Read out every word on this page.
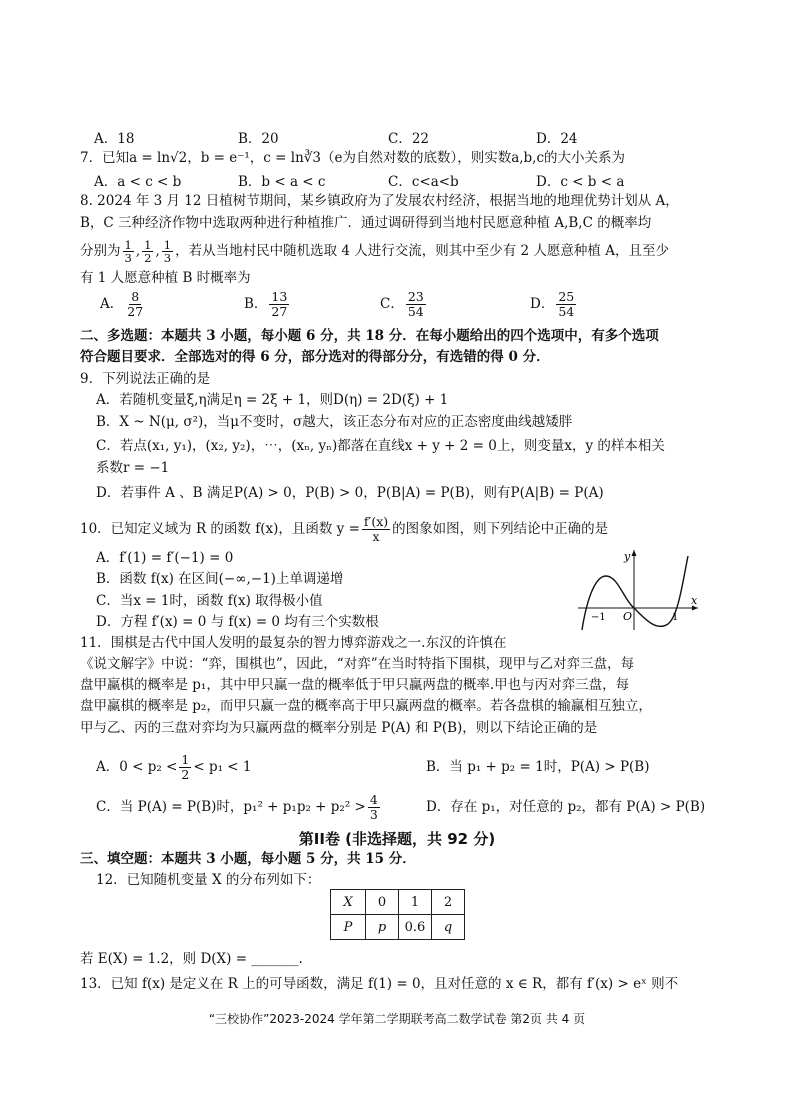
A．18	B．20	C．22	D．24
7．已知a = ln√2，b = e⁻¹，c = ln∛3（e为自然对数的底数），则实数a,b,c的大小关系为
A．a < c < b	B．b < a < c	C．c<a<b	D．c < b < a
8. 2024 年 3 月 12 日植树节期间，某乡镇政府为了发展农村经济，根据当地的地理优势计划从 A，
B，C 三种经济作物中选取两种进行种植推广．通过调研得到当地村民愿意种植 A,B,C 的概率均
分别为 $\frac{1}{3}$ , $\frac{1}{2}$ , $\frac{1}{3}$ ，若从当地村民中随机选取 4 人进行交流，则其中至少有 2 人愿意种植 A，且至少
有 1 人愿意种植 B 时概率为
A． $\frac{8}{27}$	B． $\frac{13}{27}$	C． $\frac{23}{54}$	D． $\frac{25}{54}$
二、多选题：本题共 3 小题，每小题 6 分，共 18 分．在每小题给出的四个选项中，有多个选项
符合题目要求．全部选对的得 6 分，部分选对的得部分分，有选错的得 0 分．
9．下列说法正确的是
A．若随机变量ξ,η满足η = 2ξ + 1，则D(η) = 2D(ξ) + 1
B．X ~ N(μ, σ²)，当μ不变时，σ越大，该正态分布对应的正态密度曲线越矮胖
C．若点(x₁, y₁)，(x₂, y₂)，⋯，(xₙ, yₙ)都落在直线x + y + 2 = 0上，则变量x，y 的样本相关
系数r = −1
D．若事件 A 、B 满足P(A) > 0，P(B) > 0，P(B|A) = P(B)，则有P(A|B) = P(A)
10．已知定义域为 R 的函数 f(x)，且函数 $y = \frac{f'(x)}{x}$ 的图象如图，则下列结论中正确的是
A．f′(1) = f′(−1) = 0
B．函数 f(x) 在区间(−∞,−1)上单调递增
C．当x = 1时，函数 f(x) 取得极小值
D．方程 f′(x) = 0 与 f(x) = 0 均有三个实数根
y
x
O
−1	1
11．围棋是古代中国人发明的最复杂的智力博弈游戏之一.东汉的许慎在
《说文解字》中说：“弈，围棋也”，因此，“对弈”在当时特指下围棋，现甲与乙对弈三盘，每
盘甲赢棋的概率是 p₁，其中甲只赢一盘的概率低于甲只赢两盘的概率.甲也与丙对弈三盘，每
盘甲赢棋的概率是 p₂，而甲只赢一盘的概率高于甲只赢两盘的概率。若各盘棋的输赢相互独立，
甲与乙、丙的三盘对弈均为只赢两盘的概率分别是 P(A) 和 P(B)，则以下结论正确的是
A．$0 < p_2 < \frac{1}{2} < p_1 < 1$	B．当 p₁ + p₂ = 1时，P(A) > P(B)
C．当 P(A) = P(B)时，$p_1^2 + p_1p_2 + p_2^2 > \frac{4}{3}$	D．存在 p₁，对任意的 p₂，都有 P(A) > P(B)
第II卷 (非选择题，共 92 分)
三、填空题：本题共 3 小题，每小题 5 分，共 15 分．
12．已知随机变量 X 的分布列如下：
X	0	1	2
P	p	0.6	q
若 E(X) = 1.2，则 D(X) = _______.
13．已知 f(x) 是定义在 R 上的可导函数，满足 f(1) = 0，且对任意的 x ∈ R，都有 f′(x) > eˣ 则不
“三校协作”2023-2024 学年第二学期联考高二数学试卷 第2页 共 4 页
